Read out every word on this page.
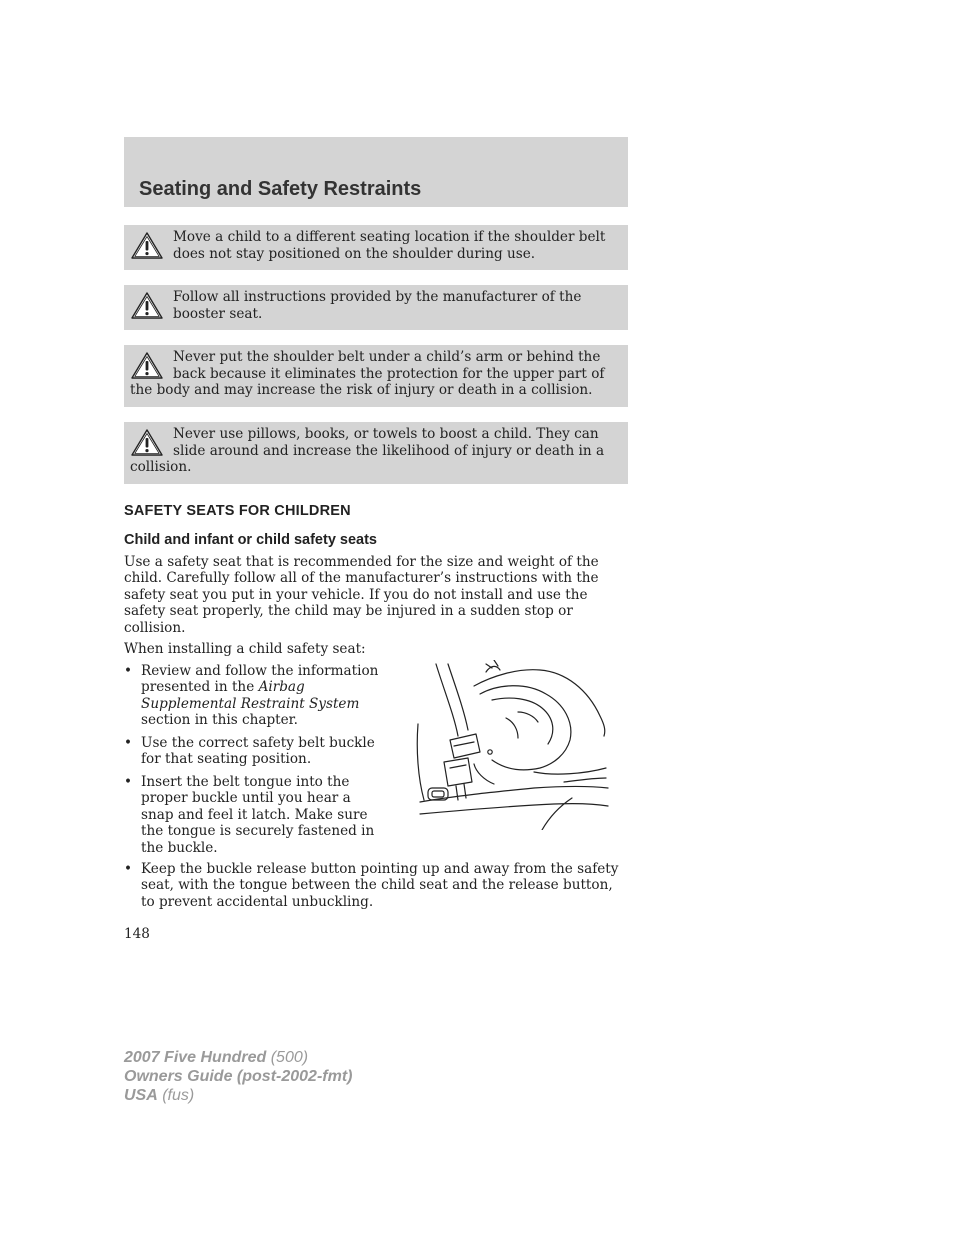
Seating and Safety Restraints
Move a child to a different seating location if the shoulder belt does not stay positioned on the shoulder during use.
Follow all instructions provided by the manufacturer of the booster seat.
Never put the shoulder belt under a child’s arm or behind the back because it eliminates the protection for the upper part of the body and may increase the risk of injury or death in a collision.
Never use pillows, books, or towels to boost a child. They can slide around and increase the likelihood of injury or death in a collision.
SAFETY SEATS FOR CHILDREN
Child and infant or child safety seats

Use a safety seat that is recommended for the size and weight of the child. Carefully follow all of the manufacturer’s instructions with the safety seat you put in your vehicle. If you do not install and use the safety seat properly, the child may be injured in a sudden stop or collision.

When installing a child safety seat:

• Review and follow the information presented in the Airbag Supplemental Restraint System section in this chapter.
• Use the correct safety belt buckle for that seating position.
• Insert the belt tongue into the proper buckle until you hear a snap and feel it latch. Make sure the tongue is securely fastened in the buckle.
• Keep the buckle release button pointing up and away from the safety seat, with the tongue between the child seat and the release button, to prevent accidental unbuckling.

148

2007 Five Hundred (500)
Owners Guide (post-2002-fmt)
USA (fus)
